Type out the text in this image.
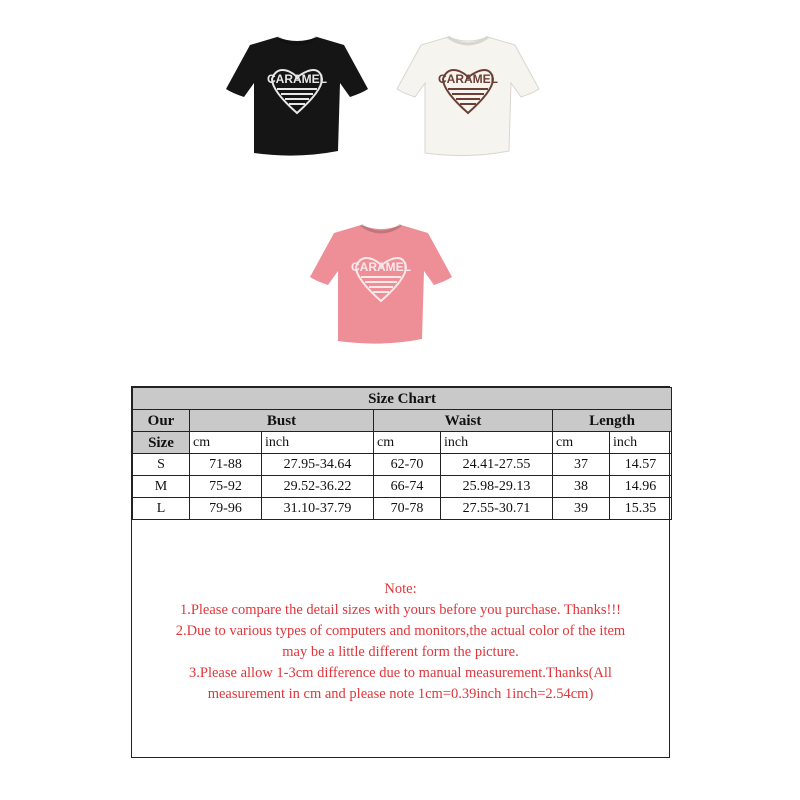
CARAMEL	CARAMEL
CARAMEL
Size Chart						
Our	Bust		Waist		Length	
Size	cm	inch	cm	inch	cm	inch
S	71-88	27.95-34.64	62-70	24.41-27.55	37	14.57
M	75-92	29.52-36.22	66-74	25.98-29.13	38	14.96
L	79-96	31.10-37.79	70-78	27.55-30.71	39	15.35
Note:
1.Please compare the detail sizes with yours before you purchase. Thanks!!!
2.Due to various types of computers and monitors,the actual color of the item
may be a little different form the picture.
3.Please allow 1-3cm difference due to manual measurement.Thanks(All
measurement in cm and please note 1cm=0.39inch 1inch=2.54cm)
